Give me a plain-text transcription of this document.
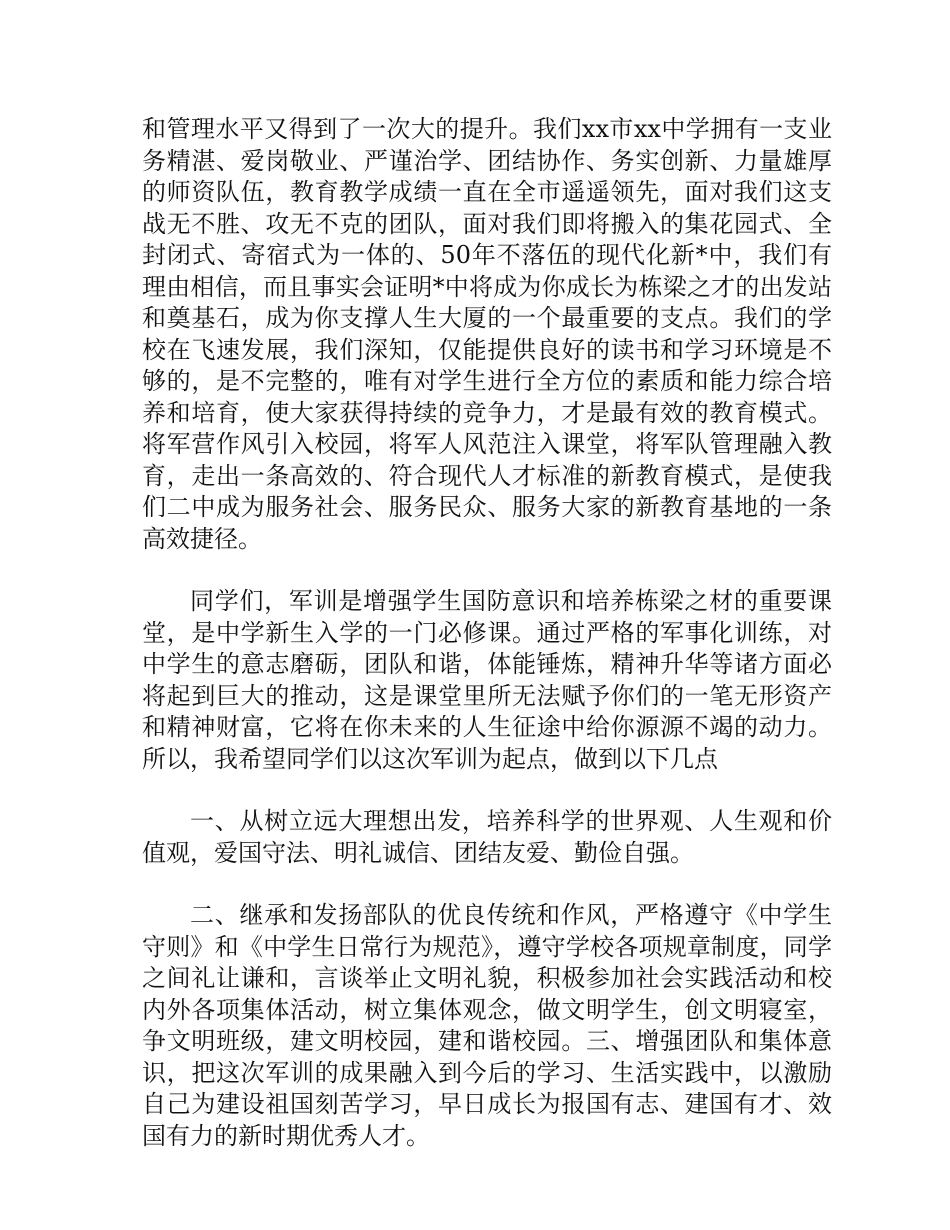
和管理水平又得到了一次大的提升。我们xx市xx中学拥有一支业务精湛、爱岗敬业、严谨治学、团结协作、务实创新、力量雄厚的师资队伍，教育教学成绩一直在全市遥遥领先，面对我们这支战无不胜、攻无不克的团队，面对我们即将搬入的集花园式、全封闭式、寄宿式为一体的、50年不落伍的现代化新*中，我们有理由相信，而且事实会证明*中将成为你成长为栋梁之才的出发站和奠基石，成为你支撑人生大厦的一个最重要的支点。我们的学校在飞速发展，我们深知，仅能提供良好的读书和学习环境是不够的，是不完整的，唯有对学生进行全方位的素质和能力综合培养和培育，使大家获得持续的竞争力，才是最有效的教育模式。将军营作风引入校园，将军人风范注入课堂，将军队管理融入教育，走出一条高效的、符合现代人才标准的新教育模式，是使我们二中成为服务社会、服务民众、服务大家的新教育基地的一条高效捷径。

同学们，军训是增强学生国防意识和培养栋梁之材的重要课堂，是中学新生入学的一门必修课。通过严格的军事化训练，对中学生的意志磨砺，团队和谐，体能锤炼，精神升华等诸方面必将起到巨大的推动，这是课堂里所无法赋予你们的一笔无形资产和精神财富，它将在你未来的人生征途中给你源源不竭的动力。所以，我希望同学们以这次军训为起点，做到以下几点

一、从树立远大理想出发，培养科学的世界观、人生观和价值观，爱国守法、明礼诚信、团结友爱、勤俭自强。

二、继承和发扬部队的优良传统和作风，严格遵守《中学生守则》和《中学生日常行为规范》，遵守学校各项规章制度，同学之间礼让谦和，言谈举止文明礼貌，积极参加社会实践活动和校内外各项集体活动，树立集体观念，做文明学生，创文明寝室，争文明班级，建文明校园，建和谐校园。三、增强团队和集体意识，把这次军训的成果融入到今后的学习、生活实践中，以激励自己为建设祖国刻苦学习，早日成长为报国有志、建国有才、效国有力的新时期优秀人才。
